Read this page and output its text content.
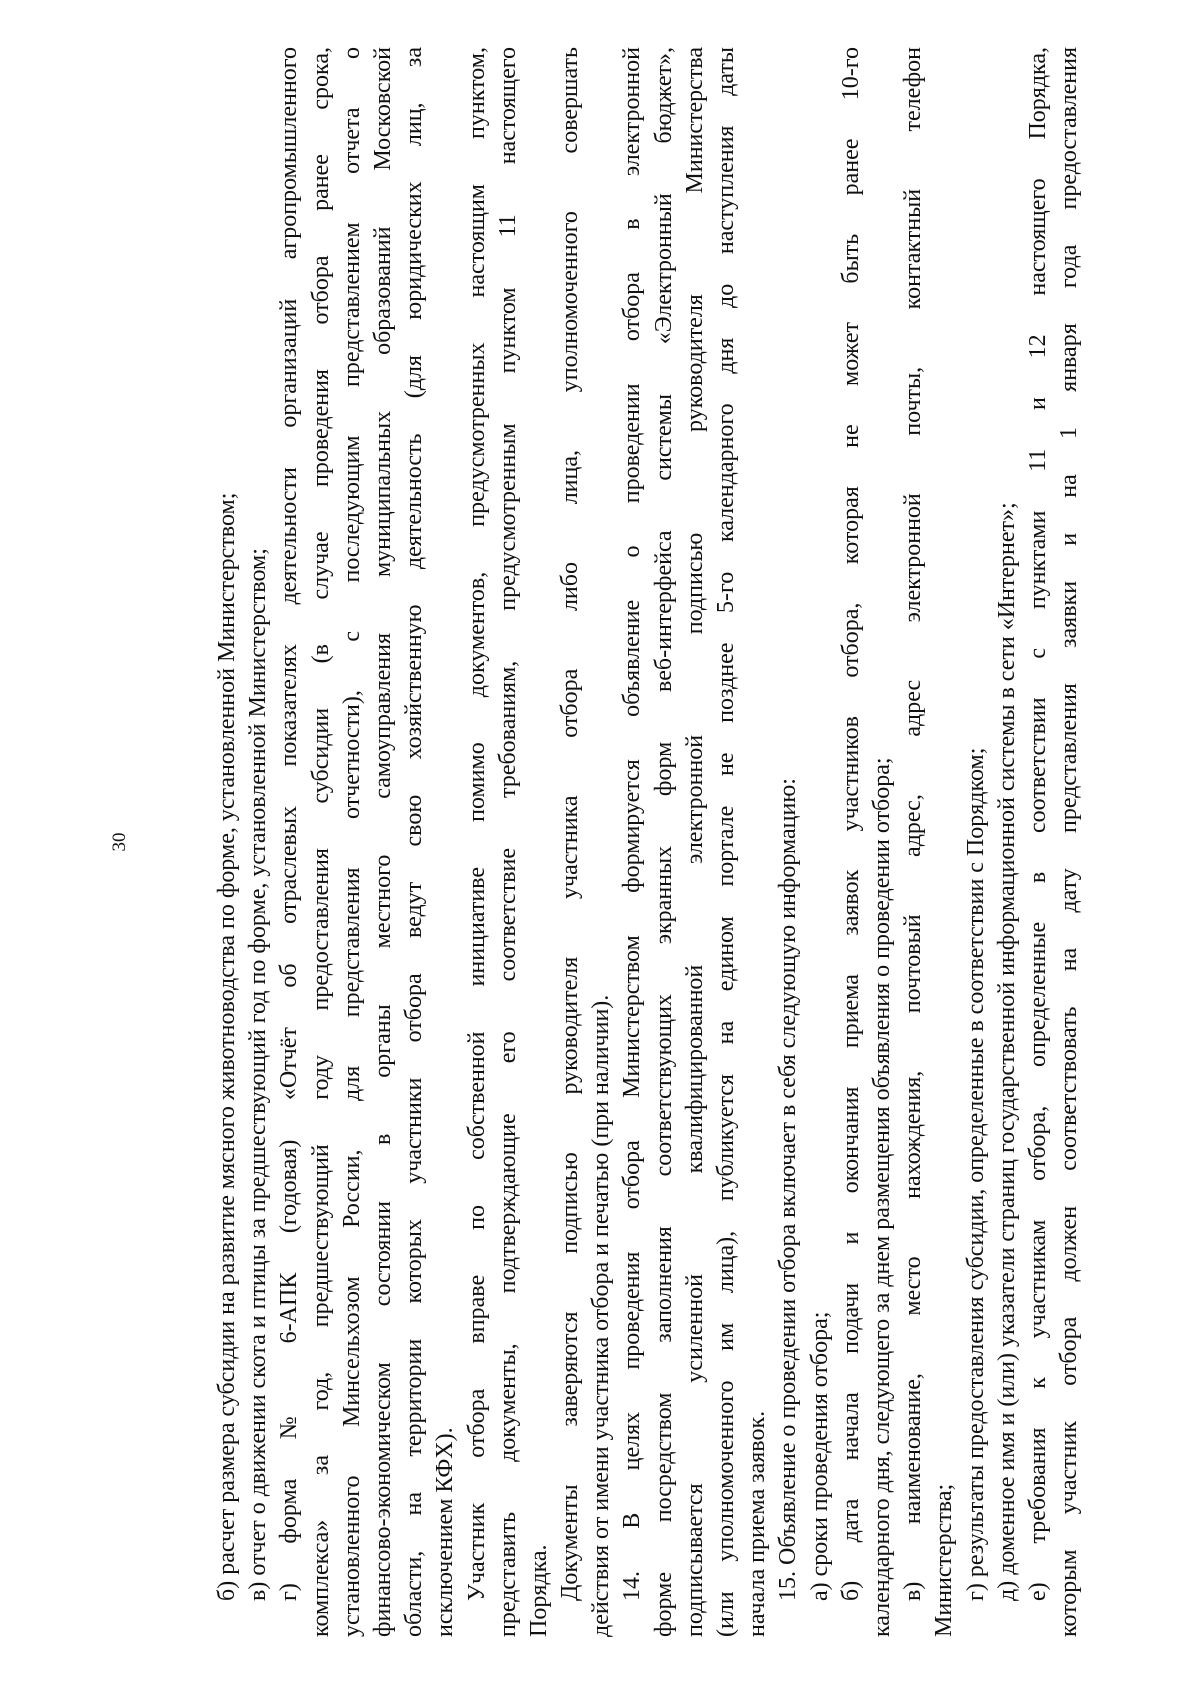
30	б) расчет размера субсидии на развитие мясного животноводства по форме, установленной Министерством; в) отчет о движении скота и птицы за предшествующий год по форме, установленной Министерством; г) форма № 6-АПК (годовая) «Отчёт об отраслевых показателях деятельности организаций агропромышленного комплекса» за год, предшествующий году предоставления субсидии (в случае проведения отбора ранее срока, установленного Минсельхозом России, для представления отчетности), с последующим представлением отчета о финансово-экономическом состоянии в органы местного самоуправления муниципальных образований Московской области, на территории которых участники отбора ведут свою хозяйственную деятельность (для юридических лиц, за исключением КФХ). Участник отбора вправе по собственной инициативе помимо документов, предусмотренных настоящим пунктом, представить документы, подтверждающие его соответствие требованиям, предусмотренным пунктом 11 настоящего Порядка. Документы заверяются подписью руководителя участника отбора либо лица, уполномоченного совершать действия от имени участника отбора и печатью (при наличии). 14. В целях проведения отбора Министерством формируется объявление о проведении отбора в электронной форме посредством заполнения соответствующих экранных форм веб-интерфейса системы «Электронный бюджет», подписывается усиленной квалифицированной электронной подписью руководителя Министерства (или уполномоченного им лица), публикуется на едином портале не позднее 5-го календарного дня до наступления даты начала приема заявок. 15. Объявление о проведении отбора включает в себя следующую информацию: а) сроки проведения отбора; б) дата начала подачи и окончания приема заявок участников отбора, которая не может быть ранее 10-го календарного дня, следующего за днем размещения объявления о проведении отбора; в) наименование, место нахождения, почтовый адрес, адрес электронной почты, контактный телефон Министерства; г) результаты предоставления субсидии, определенные в соответствии с Порядком; д) доменное имя и (или) указатели страниц государственной информационной системы в сети «Интернет»; е) требования к участникам отбора, определенные в соответствии с пунктами 11 и 12 настоящего Порядка, которым участник отбора должен соответствовать на дату представления заявки и на 1 января года предоставления
